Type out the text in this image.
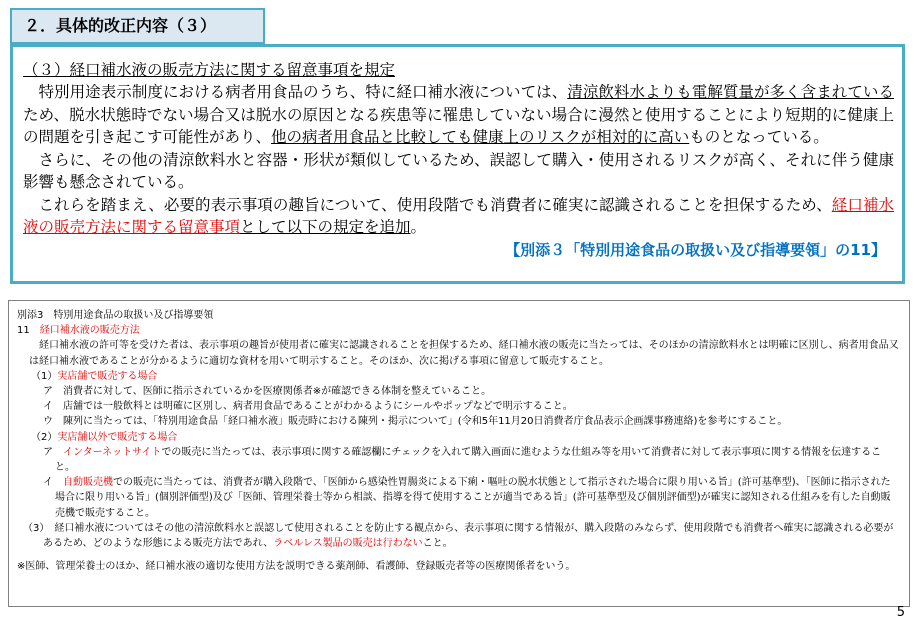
２．具体的改正内容（３）
（３）経口補水液の販売方法に関する留意事項を規定
特別用途表示制度における病者用食品のうち、特に経口補水液については、清涼飲料水よりも電解質量が多く含まれているため、脱水状態時でない場合又は脱水の原因となる疾患等に罹患していない場合に漫然と使用することにより短期的に健康上の問題を引き起こす可能性があり、他の病者用食品と比較しても健康上のリスクが相対的に高いものとなっている。
さらに、その他の清涼飲料水と容器・形状が類似しているため、誤認して購入・使用されるリスクが高く、それに伴う健康影響も懸念されている。
これらを踏まえ、必要的表示事項の趣旨について、使用段階でも消費者に確実に認識されることを担保するため、経口補水液の販売方法に関する留意事項として以下の規定を追加。
【別添３「特別用途食品の取扱い及び指導要領」の11】
別添3　特別用途食品の取扱い及び指導要領
11　経口補水液の販売方法
経口補水液の許可等を受けた者は、表示事項の趣旨が使用者に確実に認識されることを担保するため、経口補水液の販売に当たっては、そのほかの清涼飲料水とは明確に区別し、病者用食品又は経口補水液であることが分かるように適切な資材を用いて明示すること。そのほか、次に掲げる事項に留意して販売すること。
（1）実店舗で販売する場合
ア　消費者に対して、医師に指示されているかを医療関係者※が確認できる体制を整えていること。
イ　店舗では一般飲料とは明確に区別し、病者用食品であることがわかるようにシールやポップなどで明示すること。
ウ　陳列に当たっては、「特別用途食品「経口補水液」販売時における陳列・掲示について」(令和5年11月20日消費者庁食品表示企画課事務連絡)を参考にすること。
（2）実店舗以外で販売する場合
ア　インターネットサイトでの販売に当たっては、表示事項に関する確認欄にチェックを入れて購入画面に進むような仕組み等を用いて消費者に対して表示事項に関する情報を伝達すること。
イ　自動販売機での販売に当たっては、消費者が購入段階で、「医師から感染性胃腸炎による下痢・嘔吐の脱水状態として指示された場合に限り用いる旨」(許可基準型)、「医師に指示された場合に限り用いる旨」(個別評価型)及び「医師、管理栄養士等から相談、指導を得て使用することが適当である旨」(許可基準型及び個別評価型)が確実に認知される仕組みを有した自動販売機で販売すること。
（3）　経口補水液についてはその他の清涼飲料水と誤認して使用されることを防止する観点から、表示事項に関する情報が、購入段階のみならず、使用段階でも消費者へ確実に認識される必要があるため、どのような形態による販売方法であれ、ラベルレス製品の販売は行わないこと。
※医師、管理栄養士のほか、経口補水液の適切な使用方法を説明できる薬剤師、看護師、登録販売者等の医療関係者をいう。
5
